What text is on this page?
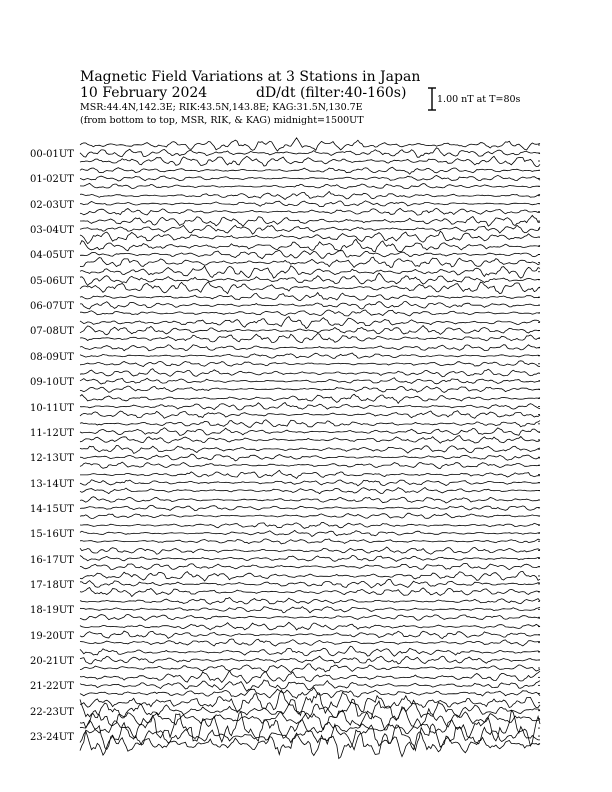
Magnetic Field Variations at 3 Stations in Japan
10 February 2024	dD/dt (filter:40-160s)
MSR:44.4N,142.3E; RIK:43.5N,143.8E; KAG:31.5N,130.7E
(from bottom to top, MSR, RIK, & KAG) midnight=1500UT
1.00 nT at T=80s
00-01UT
01-02UT
02-03UT
03-04UT
04-05UT
05-06UT
06-07UT
07-08UT
08-09UT
09-10UT
10-11UT
11-12UT
12-13UT
13-14UT
14-15UT
15-16UT
16-17UT
17-18UT
18-19UT
19-20UT
20-21UT
21-22UT
22-23UT
23-24UT
